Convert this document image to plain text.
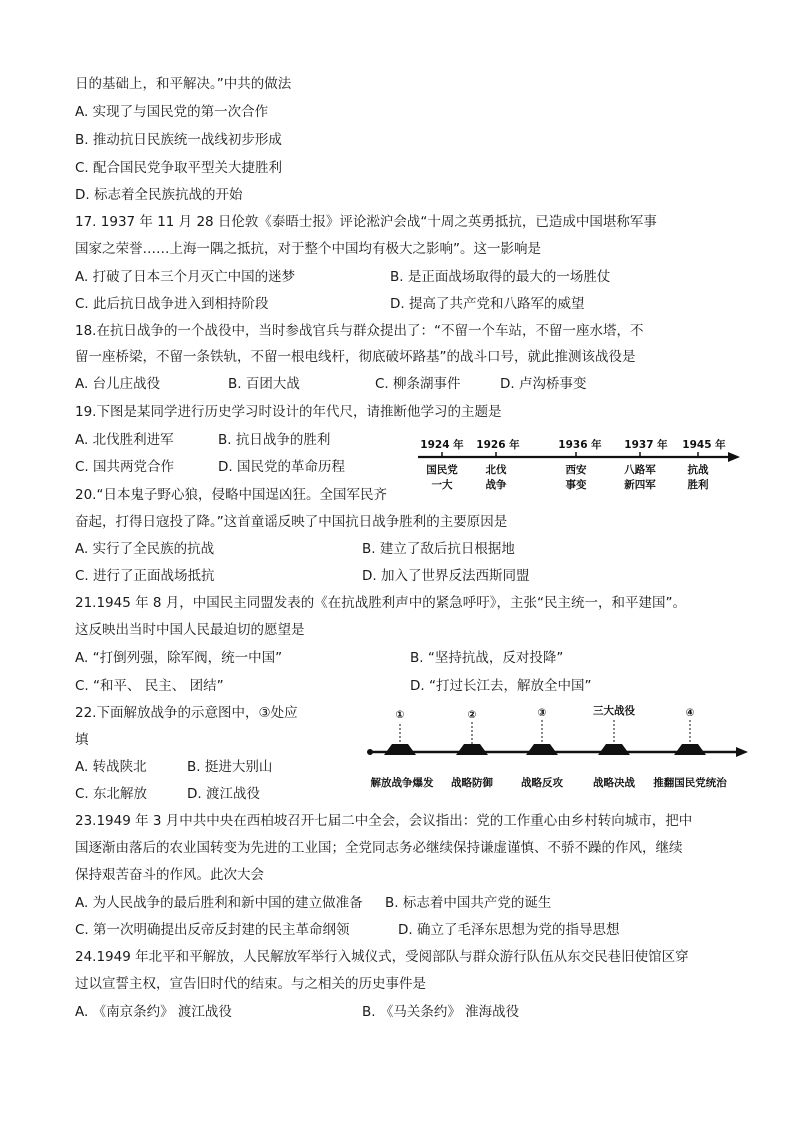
日的基础上，和平解决。”中共的做法
A. 实现了与国民党的第一次合作
B. 推动抗日民族统一战线初步形成
C. 配合国民党争取平型关大捷胜利
D. 标志着全民族抗战的开始
17. 1937 年 11 月 28 日伦敦《泰晤士报》评论淞沪会战“十周之英勇抵抗，已造成中国堪称军事
国家之荣誉……上海一隅之抵抗，对于整个中国均有极大之影响”。这一影响是
A. 打破了日本三个月灭亡中国的迷梦	B. 是正面战场取得的最大的一场胜仗
C. 此后抗日战争进入到相持阶段	D. 提高了共产党和八路军的威望
18.在抗日战争的一个战役中，当时参战官兵与群众提出了：“不留一个车站，不留一座水塔，不
留一座桥梁，不留一条铁轨，不留一根电线杆，彻底破坏路基”的战斗口号，就此推测该战役是
A. 台儿庄战役	B. 百团大战	C. 柳条湖事件	D. 卢沟桥事变
19.下图是某同学进行历史学习时设计的年代尺，请推断他学习的主题是
A. 北伐胜利进军	B. 抗日战争的胜利
C. 国共两党合作	D. 国民党的革命历程
1924 年
国民党
一大
1926 年
北伐
战争
1936 年
西安
事变
1937 年
八路军
新四军
1945 年
抗战
胜利
20.“日本鬼子野心狼，侵略中国逞凶狂。全国军民齐
奋起，打得日寇投了降。”这首童谣反映了中国抗日战争胜利的主要原因是
A. 实行了全民族的抗战	B. 建立了敌后抗日根据地
C. 进行了正面战场抵抗	D. 加入了世界反法西斯同盟
21.1945 年 8 月，中国民主同盟发表的《在抗战胜利声中的紧急呼吁》，主张“民主统一，和平建国”。
这反映出当时中国人民最迫切的愿望是
A. “打倒列强，除军阀，统一中国”	B. “坚持抗战，反对投降”
C. “和平、 民主、 团结”	D. “打过长江去，解放全中国”
22.下面解放战争的示意图中，③处应
填
A. 转战陕北	B. 挺进大别山
C. 东北解放	D. 渡江战役
①
解放战争爆发
②
战略防御
③
战略反攻
三大战役
战略决战
④
推翻国民党统治
23.1949 年 3 月中共中央在西柏坡召开七届二中全会，会议指出：党的工作重心由乡村转向城市，把中
国逐渐由落后的农业国转变为先进的工业国；全党同志务必继续保持谦虚谨慎、不骄不躁的作风，继续
保持艰苦奋斗的作风。此次大会
A. 为人民战争的最后胜利和新中国的建立做准备 B. 标志着中国共产党的诞生
C. 第一次明确提出反帝反封建的民主革命纲领	D. 确立了毛泽东思想为党的指导思想
24.1949 年北平和平解放，人民解放军举行入城仪式，受阅部队与群众游行队伍从东交民巷旧使馆区穿
过以宣誓主权，宣告旧时代的结束。与之相关的历史事件是
A. 《南京条约》 渡江战役	B. 《马关条约》 淮海战役
